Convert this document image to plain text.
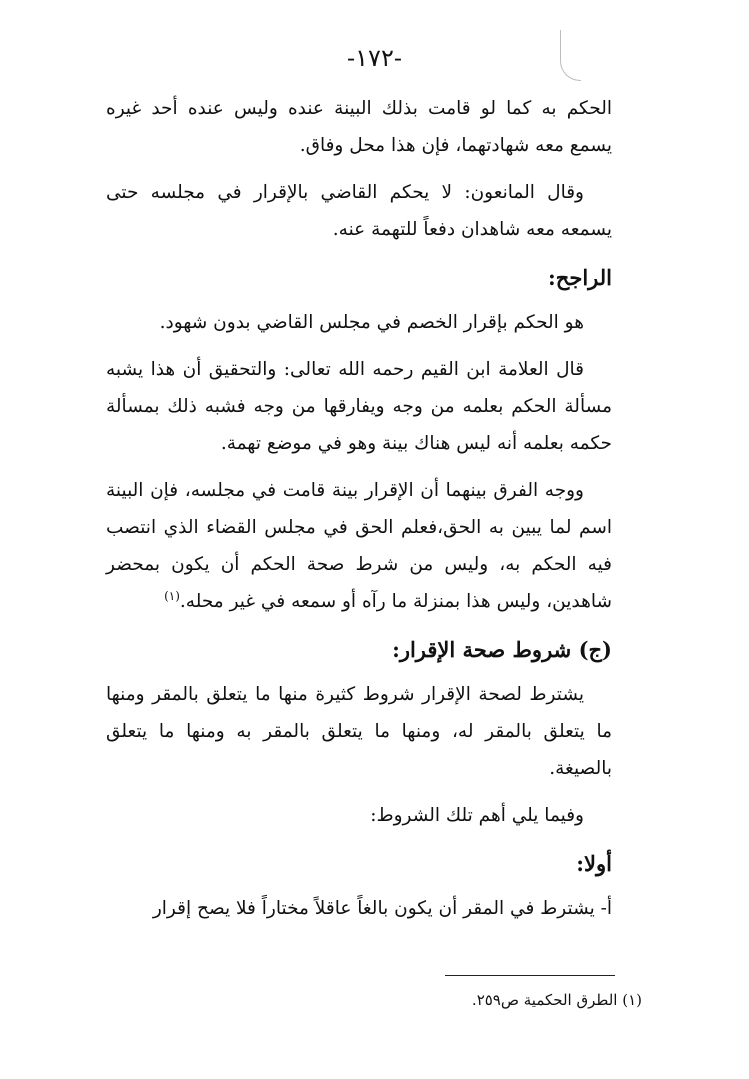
-١٧٢-

الحكم به كما لو قامت بذلك البينة عنده وليس عنده أحد غيره يسمع معه شهادتهما، فإن هذا محل وفاق.

وقال المانعون: لا يحكم القاضي بالإقرار في مجلسه حتى يسمعه معه شاهدان دفعاً للتهمة عنه.

الراجح:

هو الحكم بإقرار الخصم في مجلس القاضي بدون شهود.

قال العلامة ابن القيم رحمه الله تعالى: والتحقيق أن هذا يشبه مسألة الحكم بعلمه من وجه ويفارقها من وجه فشبه ذلك بمسألة حكمه بعلمه أنه ليس هناك بينة وهو في موضع تهمة.

ووجه الفرق بينهما أن الإقرار بينة قامت في مجلسه، فإن البينة اسم لما يبين به الحق،فعلم الحق في مجلس القضاء الذي انتصب فيه الحكم به، وليس من شرط صحة الحكم أن يكون بمحضر شاهدين، وليس هذا بمنزلة ما رآه أو سمعه في غير محله.$^{(١)}$

(ج) شروط صحة الإقرار:

يشترط لصحة الإقرار شروط كثيرة منها ما يتعلق بالمقر ومنها ما يتعلق بالمقر له، ومنها ما يتعلق بالمقر به ومنها ما يتعلق بالصيغة.

وفيما يلي أهم تلك الشروط:

أولا:

أ- يشترط في المقر أن يكون بالغاً عاقلاً مختاراً فلا يصح إقرار

(١) الطرق الحكمية ص٢٥٩.
